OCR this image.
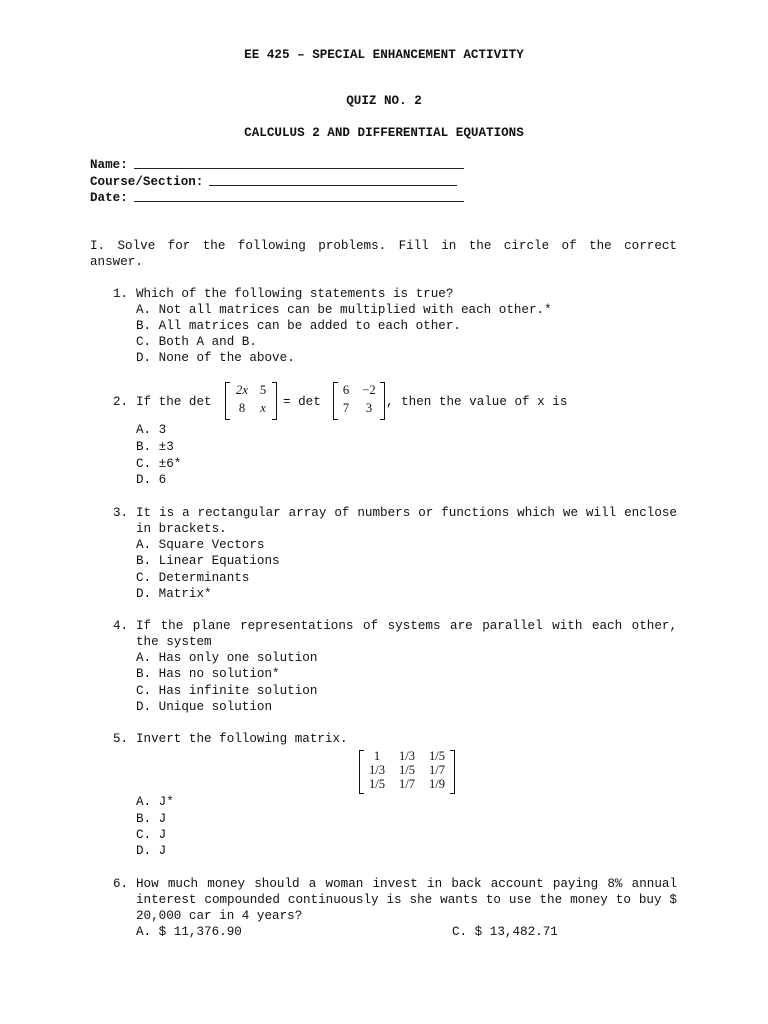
EE 425 – SPECIAL ENHANCEMENT ACTIVITY
QUIZ NO. 2
CALCULUS 2 AND DIFFERENTIAL EQUATIONS
Name:
Course/Section:
Date:
I. Solve for the following problems. Fill in the circle of the correct answer.
1. Which of the following statements is true?
A. Not all matrices can be multiplied with each other.*
B. All matrices can be added to each other.
C. Both A and B.
D. None of the above.
2. If the det
2x 5
8	x	= det
6	−2
7	3	, then the value of x is
A. 3
B. ±3
C. ±6*
D. 6
3. It is a rectangular array of numbers or functions which we will enclose in brackets.
A. Square Vectors
B. Linear Equations
C. Determinants
D. Matrix*
4. If the plane representations of systems are parallel with each other, the system
A. Has only one solution
B. Has no solution*
C. Has infinite solution
D. Unique solution
5. Invert the following matrix.
1	1/3	1/5
1/3	1/5	1/7
1/5	1/7	1/9
A. J*
B. J
C. J
D. J
6. How much money should a woman invest in back account paying 8% annual interest compounded continuously is she wants to use the money to buy $ 20,000 car in 4 years?
A. $ 11,376.90	C. $ 13,482.71
